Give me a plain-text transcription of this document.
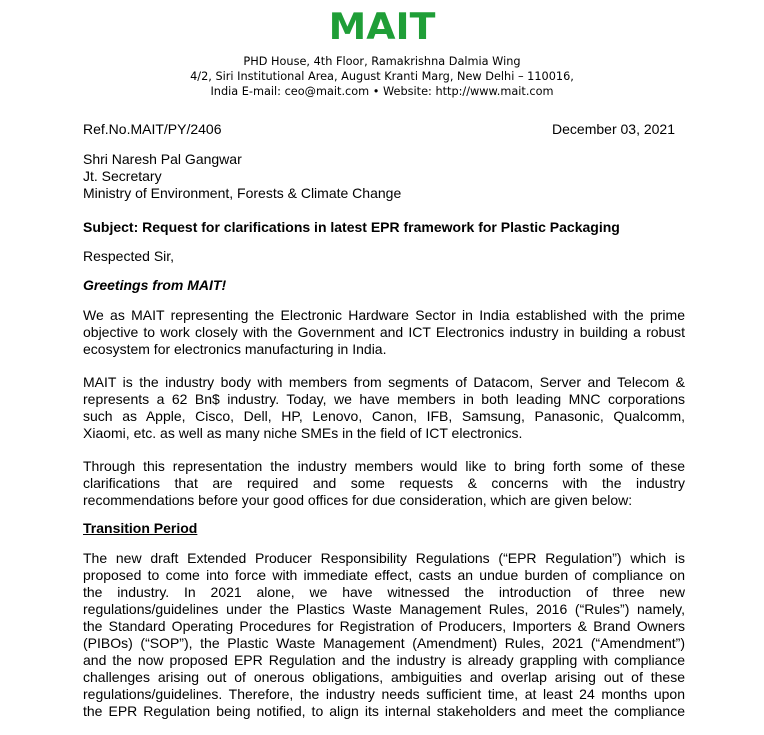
MAIT
PHD House, 4th Floor, Ramakrishna Dalmia Wing
4/2, Siri Institutional Area, August Kranti Marg, New Delhi – 110016,
India E-mail: ceo@mait.com • Website: http://www.mait.com
Ref.No.MAIT/PY/2406	December 03, 2021
Shri Naresh Pal Gangwar
Jt. Secretary
Ministry of Environment, Forests & Climate Change
Subject: Request for clarifications in latest EPR framework for Plastic Packaging
Respected Sir,
Greetings from MAIT!
We as MAIT representing the Electronic Hardware Sector in India established with the prime
objective to work closely with the Government and ICT Electronics industry in building a robust
ecosystem for electronics manufacturing in India.
MAIT is the industry body with members from segments of Datacom, Server and Telecom &
represents a 62 Bn$ industry. Today, we have members in both leading MNC corporations
such as Apple, Cisco, Dell, HP, Lenovo, Canon, IFB, Samsung, Panasonic, Qualcomm,
Xiaomi, etc. as well as many niche SMEs in the field of ICT electronics.
Through this representation the industry members would like to bring forth some of these
clarifications that are required and some requests & concerns with the industry
recommendations before your good offices for due consideration, which are given below:
Transition Period
The new draft Extended Producer Responsibility Regulations (“EPR Regulation”) which is
proposed to come into force with immediate effect, casts an undue burden of compliance on
the industry. In 2021 alone, we have witnessed the introduction of three new
regulations/guidelines under the Plastics Waste Management Rules, 2016 (“Rules”) namely,
the Standard Operating Procedures for Registration of Producers, Importers & Brand Owners
(PIBOs) (“SOP”), the Plastic Waste Management (Amendment) Rules, 2021 (“Amendment”)
and the now proposed EPR Regulation and the industry is already grappling with compliance
challenges arising out of onerous obligations, ambiguities and overlap arising out of these
regulations/guidelines. Therefore, the industry needs sufficient time, at least 24 months upon
the EPR Regulation being notified, to align its internal stakeholders and meet the compliance
